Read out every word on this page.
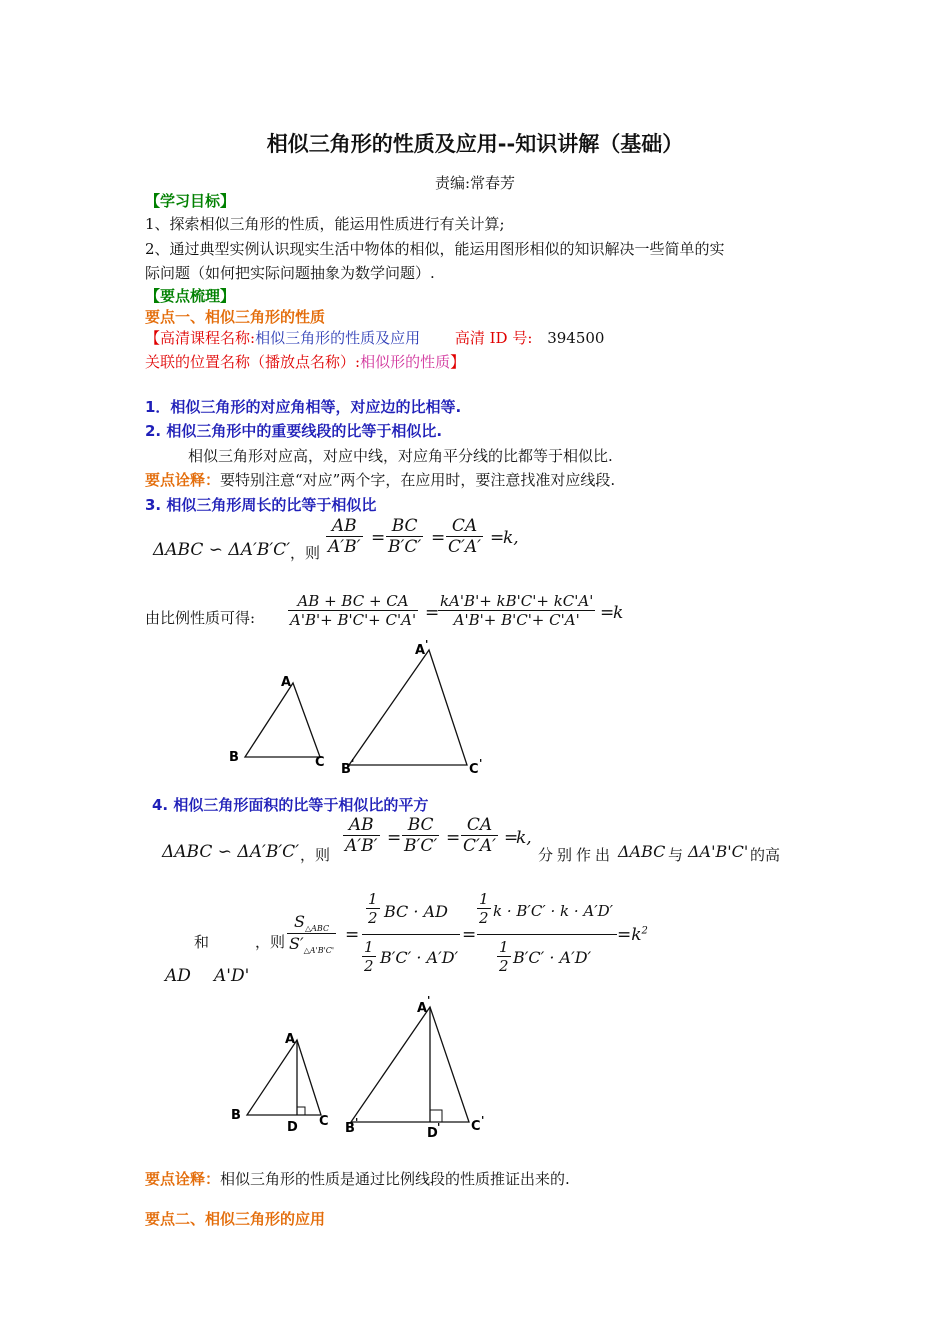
相似三角形的性质及应用--知识讲解（基础）
责编:常春芳
【学习目标】
1、探索相似三角形的性质，能运用性质进行有关计算;
2、通过典型实例认识现实生活中物体的相似，能运用图形相似的知识解决一些简单的实
际问题（如何把实际问题抽象为数学问题）.
【要点梳理】
要点一、相似三角形的性质
【高清课程名称:相似三角形的性质及应用 高清 ID 号: 394500
关联的位置名称（播放点名称）:相似形的性质】
1．相似三角形的对应角相等，对应边的比相等.
2. 相似三角形中的重要线段的比等于相似比.
相似三角形对应高，对应中线，对应角平分线的比都等于相似比.
要点诠释：要特别注意“对应”两个字，在应用时，要注意找准对应线段.
3. 相似三角形周长的比等于相似比
ΔABC ∽ ΔA′B′C′ ，则 $\frac{AB}{A'B'} = \frac{BC}{B'C'} = \frac{CA}{C'A'}$ =
k,
由比例性质可得: $\frac{AB + BC + CA}{A'B'+ B'C'+ C'A'}$ =
$\frac{kA'B'+ kB'C'+ kC'A'}{A'B'+ B'C'+ C'A'}$ =
k
A
B	C
A '
B '	C '
4. 相似三角形面积的比等于相似比的平方
ΔABC ∽ ΔA′B′C′ ，则 $\frac{AB}{A'B'} = \frac{BC}{B'C'} = \frac{CA}{C'A'}$ =
k,
分别作出 ΔABC 与 ΔA'B'C' 的高
和	，则
AD A'D'
$S_{\triangle ABC}$
$S'_{\triangle A'B'C'}$
=
$\frac{1}{2}$ BC · AD
$\frac{1}{2} B'C' \cdot A'D'$
=
$\frac{1}{2}$ k · B′C′ · k · A′D′
$\frac{1}{2} B'C' \cdot A'D'$
$=k^2$
A
B
D C
A
'
B '
D ' C '
要点诠释：相似三角形的性质是通过比例线段的性质推证出来的.
要点二、相似三角形的应用
